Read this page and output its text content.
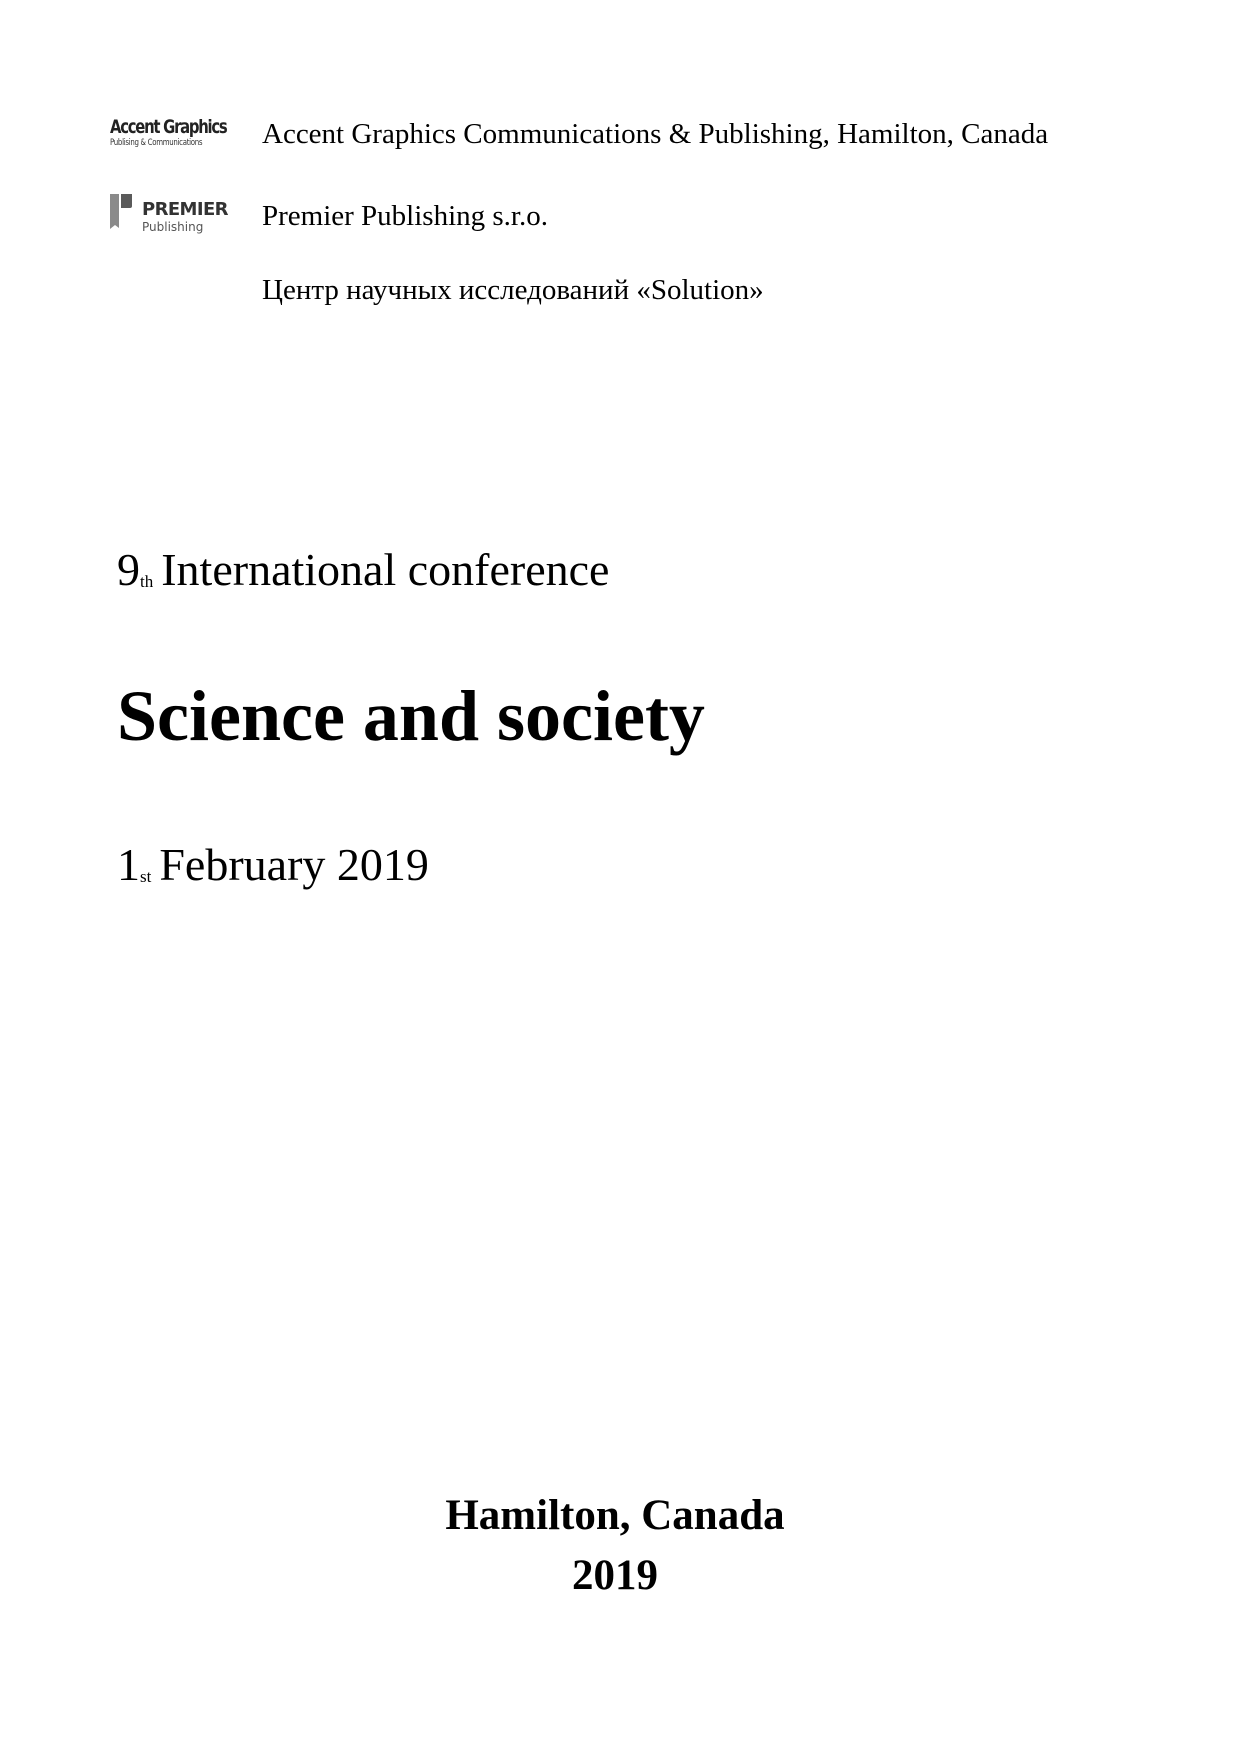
Accent Graphics
Publising & Communications	Accent Graphics Communications & Publishing, Hamilton, Canada
PREMIER
Publishing	Premier Publishing s.r.o.
Центр научных исследований «Solution»
9th International conference
Science and society
1st February 2019
Hamilton, Canada
2019
